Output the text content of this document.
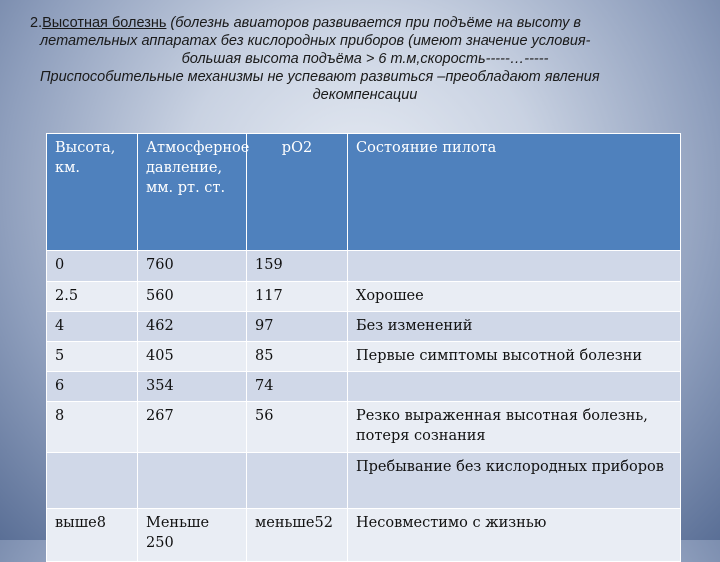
2.Высотная болезнь (болезнь авиаторов развивается при подъёме на высоту в
летательных аппаратах без кислородных приборов (имеют значение условия-
большая высота подъёма > 6 т.м,скорость-----…-----
Приспособительные механизмы не успевают развиться –преобладают явления
декомпенсации
Высота, км.	Атмосферное давление, мм. рт. ст.	pO2	Состояние пилота
0	760	159	
2.5	560	117	Хорошее
4	462	97	Без изменений
5	405	85	Первые симптомы высотной болезни
6	354	74	
8	267	56	Резко выраженная высотная болезнь, потеря сознания
			Пребывание без кислородных приборов
выше8	Меньше 250	меньше52	Несовместимо с жизнью
